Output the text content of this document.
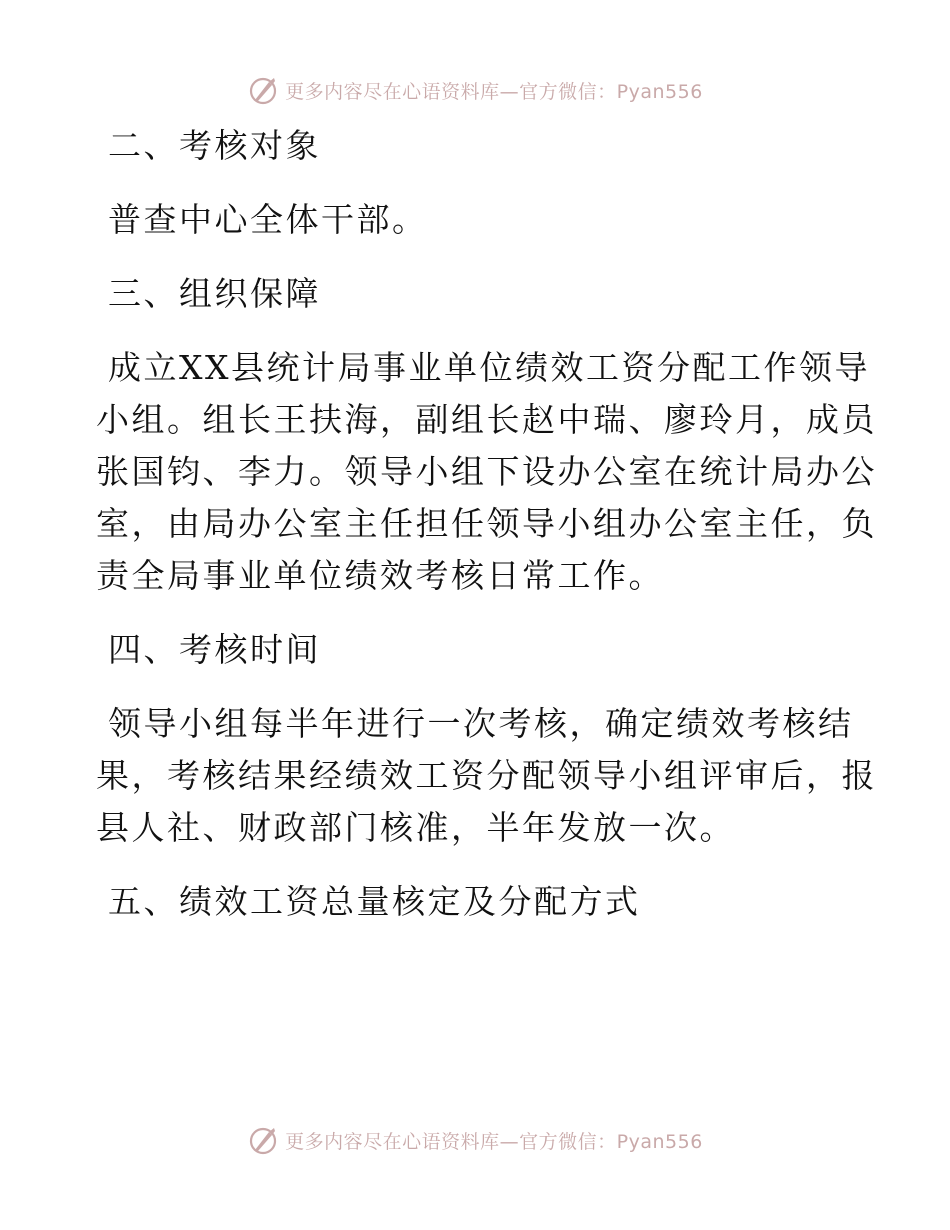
更多内容尽在心语资料库—官方微信：Pyan556
二、考核对象
普查中心全体干部。
三、组织保障
成立XX县统计局事业单位绩效工资分配工作领导
小组。组长王扶海，副组长赵中瑞、廖玲月，成员
张国钧、李力。领导小组下设办公室在统计局办公
室，由局办公室主任担任领导小组办公室主任，负
责全局事业单位绩效考核日常工作。
四、考核时间
领导小组每半年进行一次考核，确定绩效考核结
果，考核结果经绩效工资分配领导小组评审后，报
县人社、财政部门核准，半年发放一次。
五、绩效工资总量核定及分配方式
更多内容尽在心语资料库—官方微信：Pyan556
